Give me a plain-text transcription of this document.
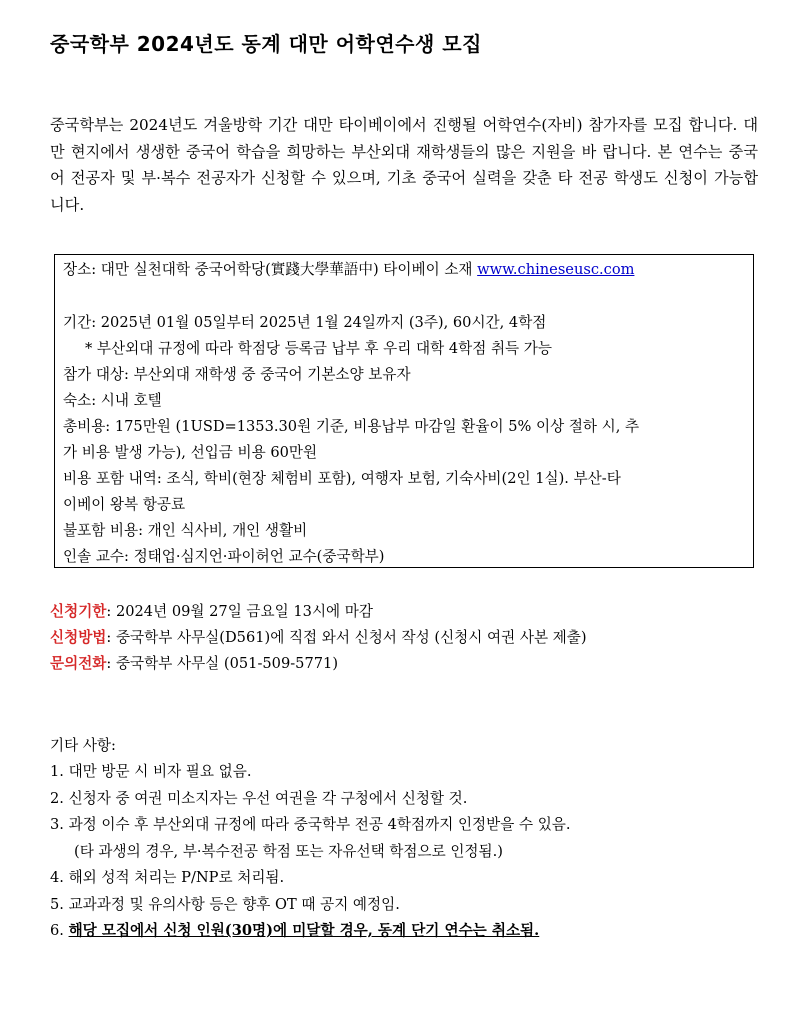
중국학부 2024년도 동계 대만 어학연수생 모집
중국학부는 2024년도 겨울방학 기간 대만 타이베이에서 진행될 어학연수(자비) 참가자를 모집 합니다. 대만 현지에서 생생한 중국어 학습을 희망하는 부산외대 재학생들의 많은 지원을 바 랍니다. 본 연수는 중국어 전공자 및 부·복수 전공자가 신청할 수 있으며, 기초 중국어 실력을 갖춘 타 전공 학생도 신청이 가능합니다.
장소: 대만 실천대학 중국어학당(實踐大學華語中) 타이베이 소재 www.chineseusc.com
기간: 2025년 01월 05일부터 2025년 1월 24일까지 (3주), 60시간, 4학점
* 부산외대 규정에 따라 학점당 등록금 납부 후 우리 대학 4학점 취득 가능
참가 대상: 부산외대 재학생 중 중국어 기본소양 보유자
숙소: 시내 호텔
총비용: 175만원 (1USD=1353.30원 기준, 비용납부 마감일 환율이 5% 이상 절하 시, 추
가 비용 발생 가능), 선입금 비용 60만원
비용 포함 내역: 조식, 학비(현장 체험비 포함), 여행자 보험, 기숙사비(2인 1실). 부산-타
이베이 왕복 항공료
불포함 비용: 개인 식사비, 개인 생활비
인솔 교수: 정태업·심지언·파이허언 교수(중국학부)
신청기한: 2024년 09월 27일 금요일 13시에 마감
신청방법: 중국학부 사무실(D561)에 직접 와서 신청서 작성 (신청시 여권 사본 제출)
문의전화: 중국학부 사무실 (051-509-5771)
기타 사항:
1. 대만 방문 시 비자 필요 없음.
2. 신청자 중 여권 미소지자는 우선 여권을 각 구청에서 신청할 것.
3. 과정 이수 후 부산외대 규정에 따라 중국학부 전공 4학점까지 인정받을 수 있음.
(타 과생의 경우, 부·복수전공 학점 또는 자유선택 학점으로 인정됨.)
4. 해외 성적 처리는 P/NP로 처리됨.
5. 교과과정 및 유의사항 등은 향후 OT 때 공지 예정임.
6. 해당 모집에서 신청 인원(30명)에 미달할 경우, 동계 단기 연수는 취소됨.
